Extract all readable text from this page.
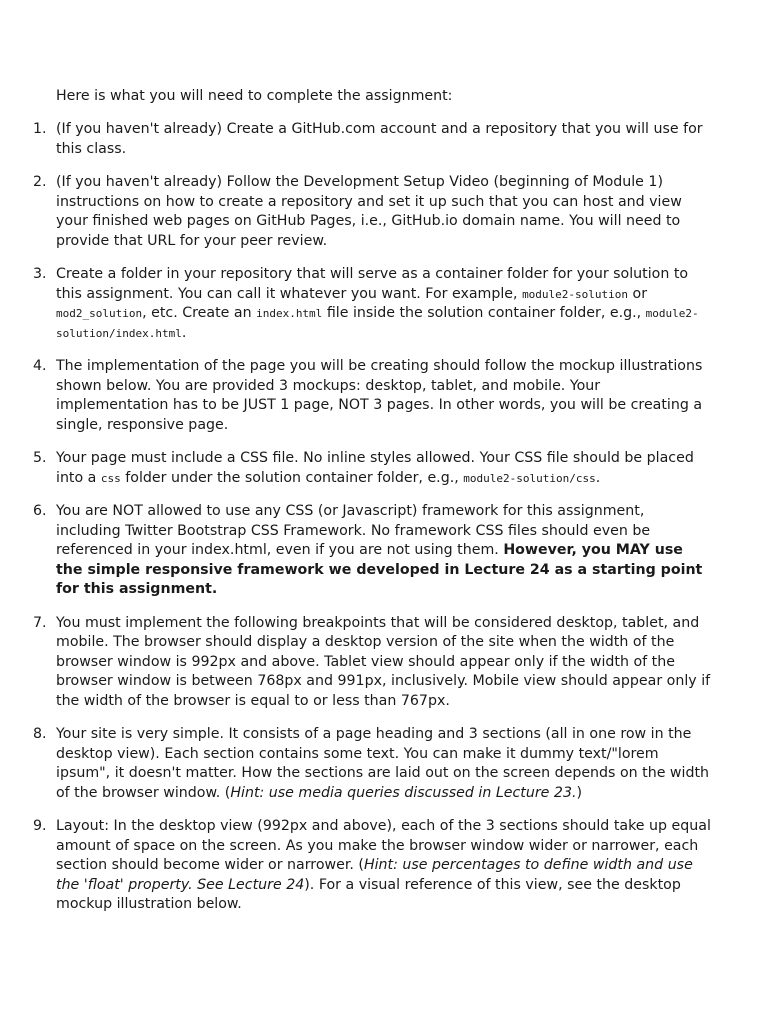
Here is what you will need to complete the assignment:

1. (If you haven't already) Create a GitHub.com account and a repository that you will use for this class.
2. (If you haven't already) Follow the Development Setup Video (beginning of Module 1) instructions on how to create a repository and set it up such that you can host and view your finished web pages on GitHub Pages, i.e., GitHub.io domain name. You will need to provide that URL for your peer review.
3. Create a folder in your repository that will serve as a container folder for your solution to this assignment. You can call it whatever you want. For example, module2-solution or mod2_solution, etc. Create an index.html file inside the solution container folder, e.g., module2-solution/index.html.
4. The implementation of the page you will be creating should follow the mockup illustrations shown below. You are provided 3 mockups: desktop, tablet, and mobile. Your implementation has to be JUST 1 page, NOT 3 pages. In other words, you will be creating a single, responsive page.
5. Your page must include a CSS file. No inline styles allowed. Your CSS file should be placed into a css folder under the solution container folder, e.g., module2-solution/css.
6. You are NOT allowed to use any CSS (or Javascript) framework for this assignment, including Twitter Bootstrap CSS Framework. No framework CSS files should even be referenced in your index.html, even if you are not using them. However, you MAY use the simple responsive framework we developed in Lecture 24 as a starting point for this assignment.
7. You must implement the following breakpoints that will be considered desktop, tablet, and mobile. The browser should display a desktop version of the site when the width of the browser window is 992px and above. Tablet view should appear only if the width of the browser window is between 768px and 991px, inclusively. Mobile view should appear only if the width of the browser is equal to or less than 767px.
8. Your site is very simple. It consists of a page heading and 3 sections (all in one row in the desktop view). Each section contains some text. You can make it dummy text/"lorem ipsum", it doesn't matter. How the sections are laid out on the screen depends on the width of the browser window. (Hint: use media queries discussed in Lecture 23.)
9. Layout: In the desktop view (992px and above), each of the 3 sections should take up equal amount of space on the screen. As you make the browser window wider or narrower, each section should become wider or narrower. (Hint: use percentages to define width and use the 'float' property. See Lecture 24). For a visual reference of this view, see the desktop mockup illustration below.
